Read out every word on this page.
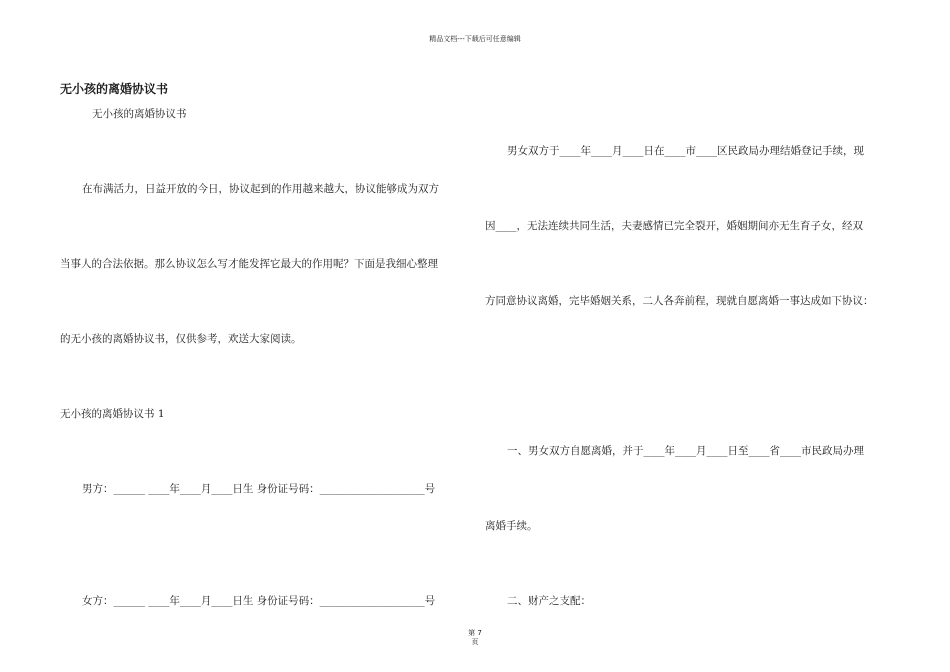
精品文档---下载后可任意编辑
无小孩的离婚协议书
无小孩的离婚协议书
在布满活力，日益开放的今日，协议起到的作用越来越大，协议能够成为双方
当事人的合法依据。那么协议怎么写才能发挥它最大的作用呢？下面是我细心整理
的无小孩的离婚协议书，仅供参考，欢送大家阅读。
无小孩的离婚协议书 1
男方：______ ____年____月____日生 身份证号码：____________________号
女方：______ ____年____月____日生 身份证号码：____________________号
男女双方于____年____月____日在____市____区民政局办理结婚登记手续，现
因____，无法连续共同生活，夫妻感情已完全裂开，婚姻期间亦无生育子女，经双
方同意协议离婚，完毕婚姻关系，二人各奔前程，现就自愿离婚一事达成如下协议：
一、男女双方自愿离婚，并于____年____月____日至____省____市民政局办理
离婚手续。
二、财产之支配：
第 7
页
